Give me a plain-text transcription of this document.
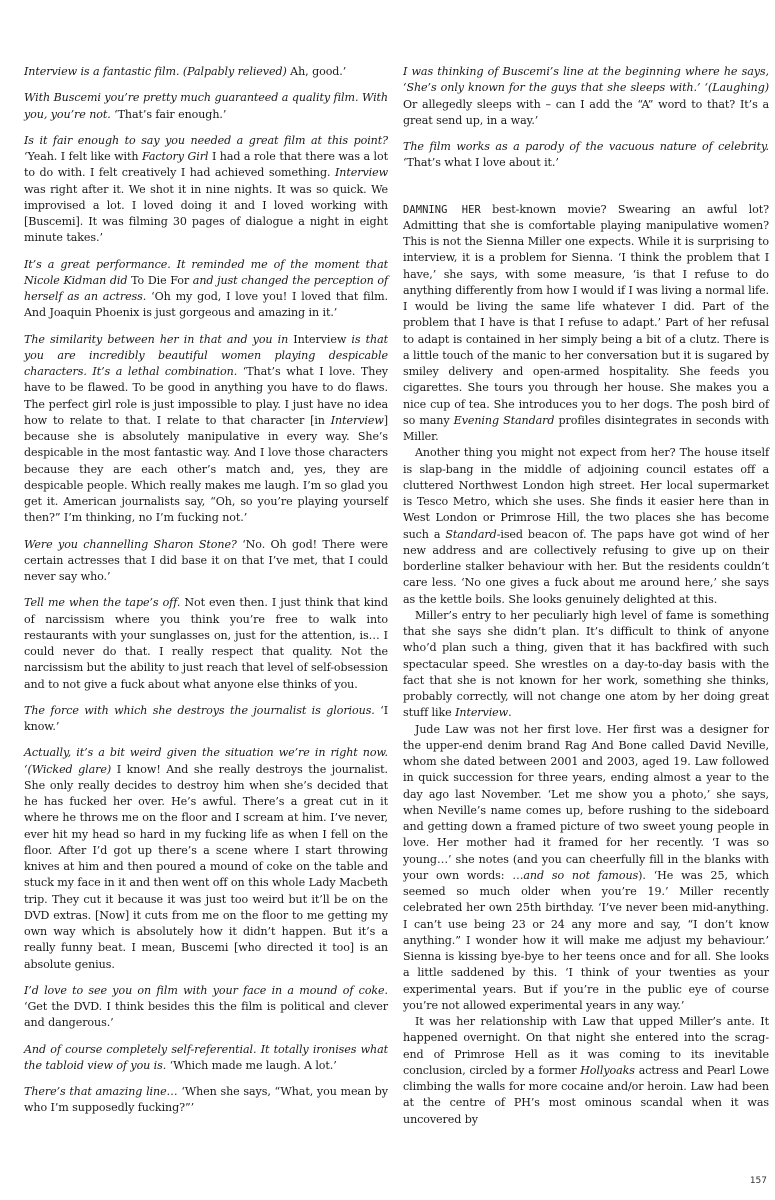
Interview is a fantastic film. (Palpably relieved) Ah, good.’

With Buscemi you’re pretty much guaranteed a quality film. With you, you’re not. ‘That’s fair enough.’

Is it fair enough to say you needed a great film at this point? ‘Yeah. I felt like with Factory Girl I had a role that there was a lot to do with. I felt creatively I had achieved something. Interview was right after it. We shot it in nine nights. It was so quick. We improvised a lot. I loved doing it and I loved working with [Buscemi]. It was filming 30 pages of dialogue a night in eight minute takes.’

It’s a great performance. It reminded me of the moment that Nicole Kidman did To Die For and just changed the perception of herself as an actress. ‘Oh my god, I love you! I loved that film. And Joaquin Phoenix is just gorgeous and amazing in it.’

The similarity between her in that and you in Interview is that you are incredibly beautiful women playing despicable characters. It’s a lethal combination. ‘That’s what I love. They have to be flawed. To be good in anything you have to do flaws. The perfect girl role is just impossible to play. I just have no idea how to relate to that. I relate to that character [in Interview] because she is absolutely manipulative in every way. She’s despicable in the most fantastic way. And I love those characters because they are each other’s match and, yes, they are despicable people. Which really makes me laugh. I’m so glad you get it. American journalists say, “Oh, so you’re playing yourself then?” I’m thinking, no I’m fucking not.’

Were you channelling Sharon Stone? ‘No. Oh god! There were certain actresses that I did base it on that I’ve met, that I could never say who.’

Tell me when the tape’s off. Not even then. I just think that kind of narcissism where you think you’re free to walk into restaurants with your sunglasses on, just for the attention, is… I could never do that. I really respect that quality. Not the narcissism but the ability to just reach that level of self-obsession and to not give a fuck about what anyone else thinks of you.

The force with which she destroys the journalist is glorious. ‘I know.’

Actually, it’s a bit weird given the situation we’re in right now. ‘(Wicked glare) I know! And she really destroys the journalist. She only really decides to destroy him when she’s decided that he has fucked her over. He’s awful. There’s a great cut in it where he throws me on the floor and I scream at him. I’ve never, ever hit my head so hard in my fucking life as when I fell on the floor. After I’d got up there’s a scene where I start throwing knives at him and then poured a mound of coke on the table and stuck my face in it and then went off on this whole Lady Macbeth trip. They cut it because it was just too weird but it’ll be on the DVD extras. [Now] it cuts from me on the floor to me getting my own way which is absolutely how it didn’t happen. But it’s a really funny beat. I mean, Buscemi [who directed it too] is an absolute genius.

I’d love to see you on film with your face in a mound of coke. ‘Get the DVD. I think besides this the film is political and clever and dangerous.’

And of course completely self-referential. It totally ironises what the tabloid view of you is. ‘Which made me laugh. A lot.’

There’s that amazing line… ‘When she says, “What, you mean by who I’m supposedly fucking?”’

I was thinking of Buscemi’s line at the beginning where he says, ‘She’s only known for the guys that she sleeps with.’ ‘(Laughing) Or allegedly sleeps with – can I add the “A” word to that? It’s a great send up, in a way.’

The film works as a parody of the vacuous nature of celebrity. ‘That’s what I love about it.’

DAMNING HER best-known movie? Swearing an awful lot? Admitting that she is comfortable playing manipulative women? This is not the Sienna Miller one expects. While it is surprising to interview, it is a problem for Sienna. ‘I think the problem that I have,’ she says, with some measure, ‘is that I refuse to do anything differently from how I would if I was living a normal life. I would be living the same life whatever I did. Part of the problem that I have is that I refuse to adapt.’ Part of her refusal to adapt is contained in her simply being a bit of a clutz. There is a little touch of the manic to her conversation but it is sugared by smiley delivery and open-armed hospitality. She feeds you cigarettes. She tours you through her house. She makes you a nice cup of tea. She introduces you to her dogs. The posh bird of so many Evening Standard profiles disintegrates in seconds with Miller.

Another thing you might not expect from her? The house itself is slap-bang in the middle of adjoining council estates off a cluttered Northwest London high street. Her local supermarket is Tesco Metro, which she uses. She finds it easier here than in West London or Primrose Hill, the two places she has become such a Standard-ised beacon of. The paps have got wind of her new address and are collectively refusing to give up on their borderline stalker behaviour with her. But the residents couldn’t care less. ‘No one gives a fuck about me around here,’ she says as the kettle boils. She looks genuinely delighted at this.

Miller’s entry to her peculiarly high level of fame is something that she says she didn’t plan. It’s difficult to think of anyone who’d plan such a thing, given that it has backfired with such spectacular speed. She wrestles on a day-to-day basis with the fact that she is not known for her work, something she thinks, probably correctly, will not change one atom by her doing great stuff like Interview.

Jude Law was not her first love. Her first was a designer for the upper-end denim brand Rag And Bone called David Neville, whom she dated between 2001 and 2003, aged 19. Law followed in quick succession for three years, ending almost a year to the day ago last November. ‘Let me show you a photo,’ she says, when Neville’s name comes up, before rushing to the sideboard and getting down a framed picture of two sweet young people in love. Her mother had it framed for her recently. ‘I was so young…’ she notes (and you can cheerfully fill in the blanks with your own words: …and so not famous). ‘He was 25, which seemed so much older when you’re 19.’ Miller recently celebrated her own 25th birthday. ‘I’ve never been mid-anything. I can’t use being 23 or 24 any more and say, “I don’t know anything.” I wonder how it will make me adjust my behaviour.’ Sienna is kissing bye-bye to her teens once and for all. She looks a little saddened by this. ‘I think of your twenties as your experimental years. But if you’re in the public eye of course you’re not allowed experimental years in any way.’

It was her relationship with Law that upped Miller’s ante. It happened overnight. On that night she entered into the scrag-end of Primrose Hell as it was coming to its inevitable conclusion, circled by a former Hollyoaks actress and Pearl Lowe climbing the walls for more cocaine and/or heroin. Law had been at the centre of PH’s most ominous scandal when it was uncovered by

157
